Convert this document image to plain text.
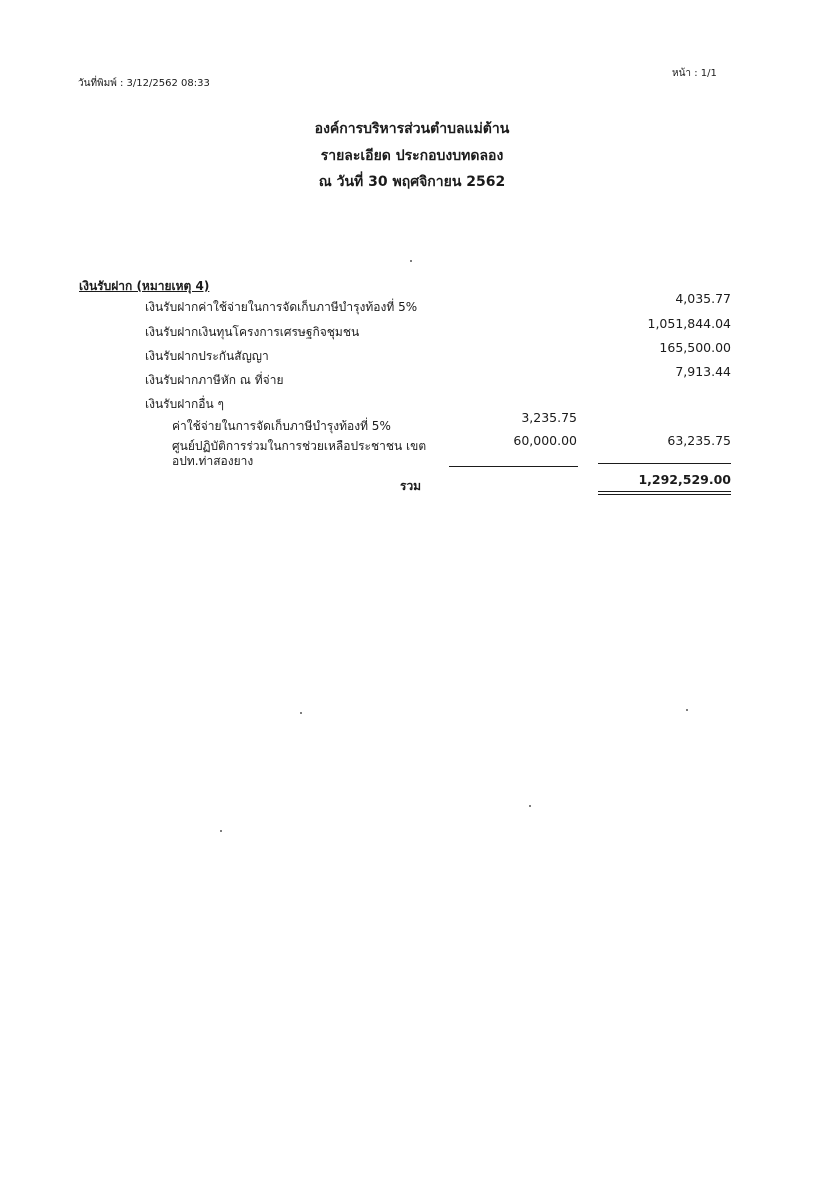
วันที่พิมพ์ : 3/12/2562 08:33
หน้า : 1/1
องค์การบริหารส่วนตำบลแม่ต้าน
รายละเอียด ประกอบงบทดลอง
ณ วันที่ 30 พฤศจิกายน 2562
เงินรับฝาก (หมายเหตุ 4)
เงินรับฝากค่าใช้จ่ายในการจัดเก็บภาษีบำรุงท้องที่ 5%
4,035.77
เงินรับฝากเงินทุนโครงการเศรษฐกิจชุมชน
1,051,844.04
เงินรับฝากประกันสัญญา
165,500.00
เงินรับฝากภาษีหัก ณ ที่จ่าย
7,913.44
เงินรับฝากอื่น ๆ
ค่าใช้จ่ายในการจัดเก็บภาษีบำรุงท้องที่ 5%
3,235.75
ศูนย์ปฏิบัติการร่วมในการช่วยเหลือประชาชน เขต
อปท.ท่าสองยาง
60,000.00	63,235.75
รวม	1,292,529.00
